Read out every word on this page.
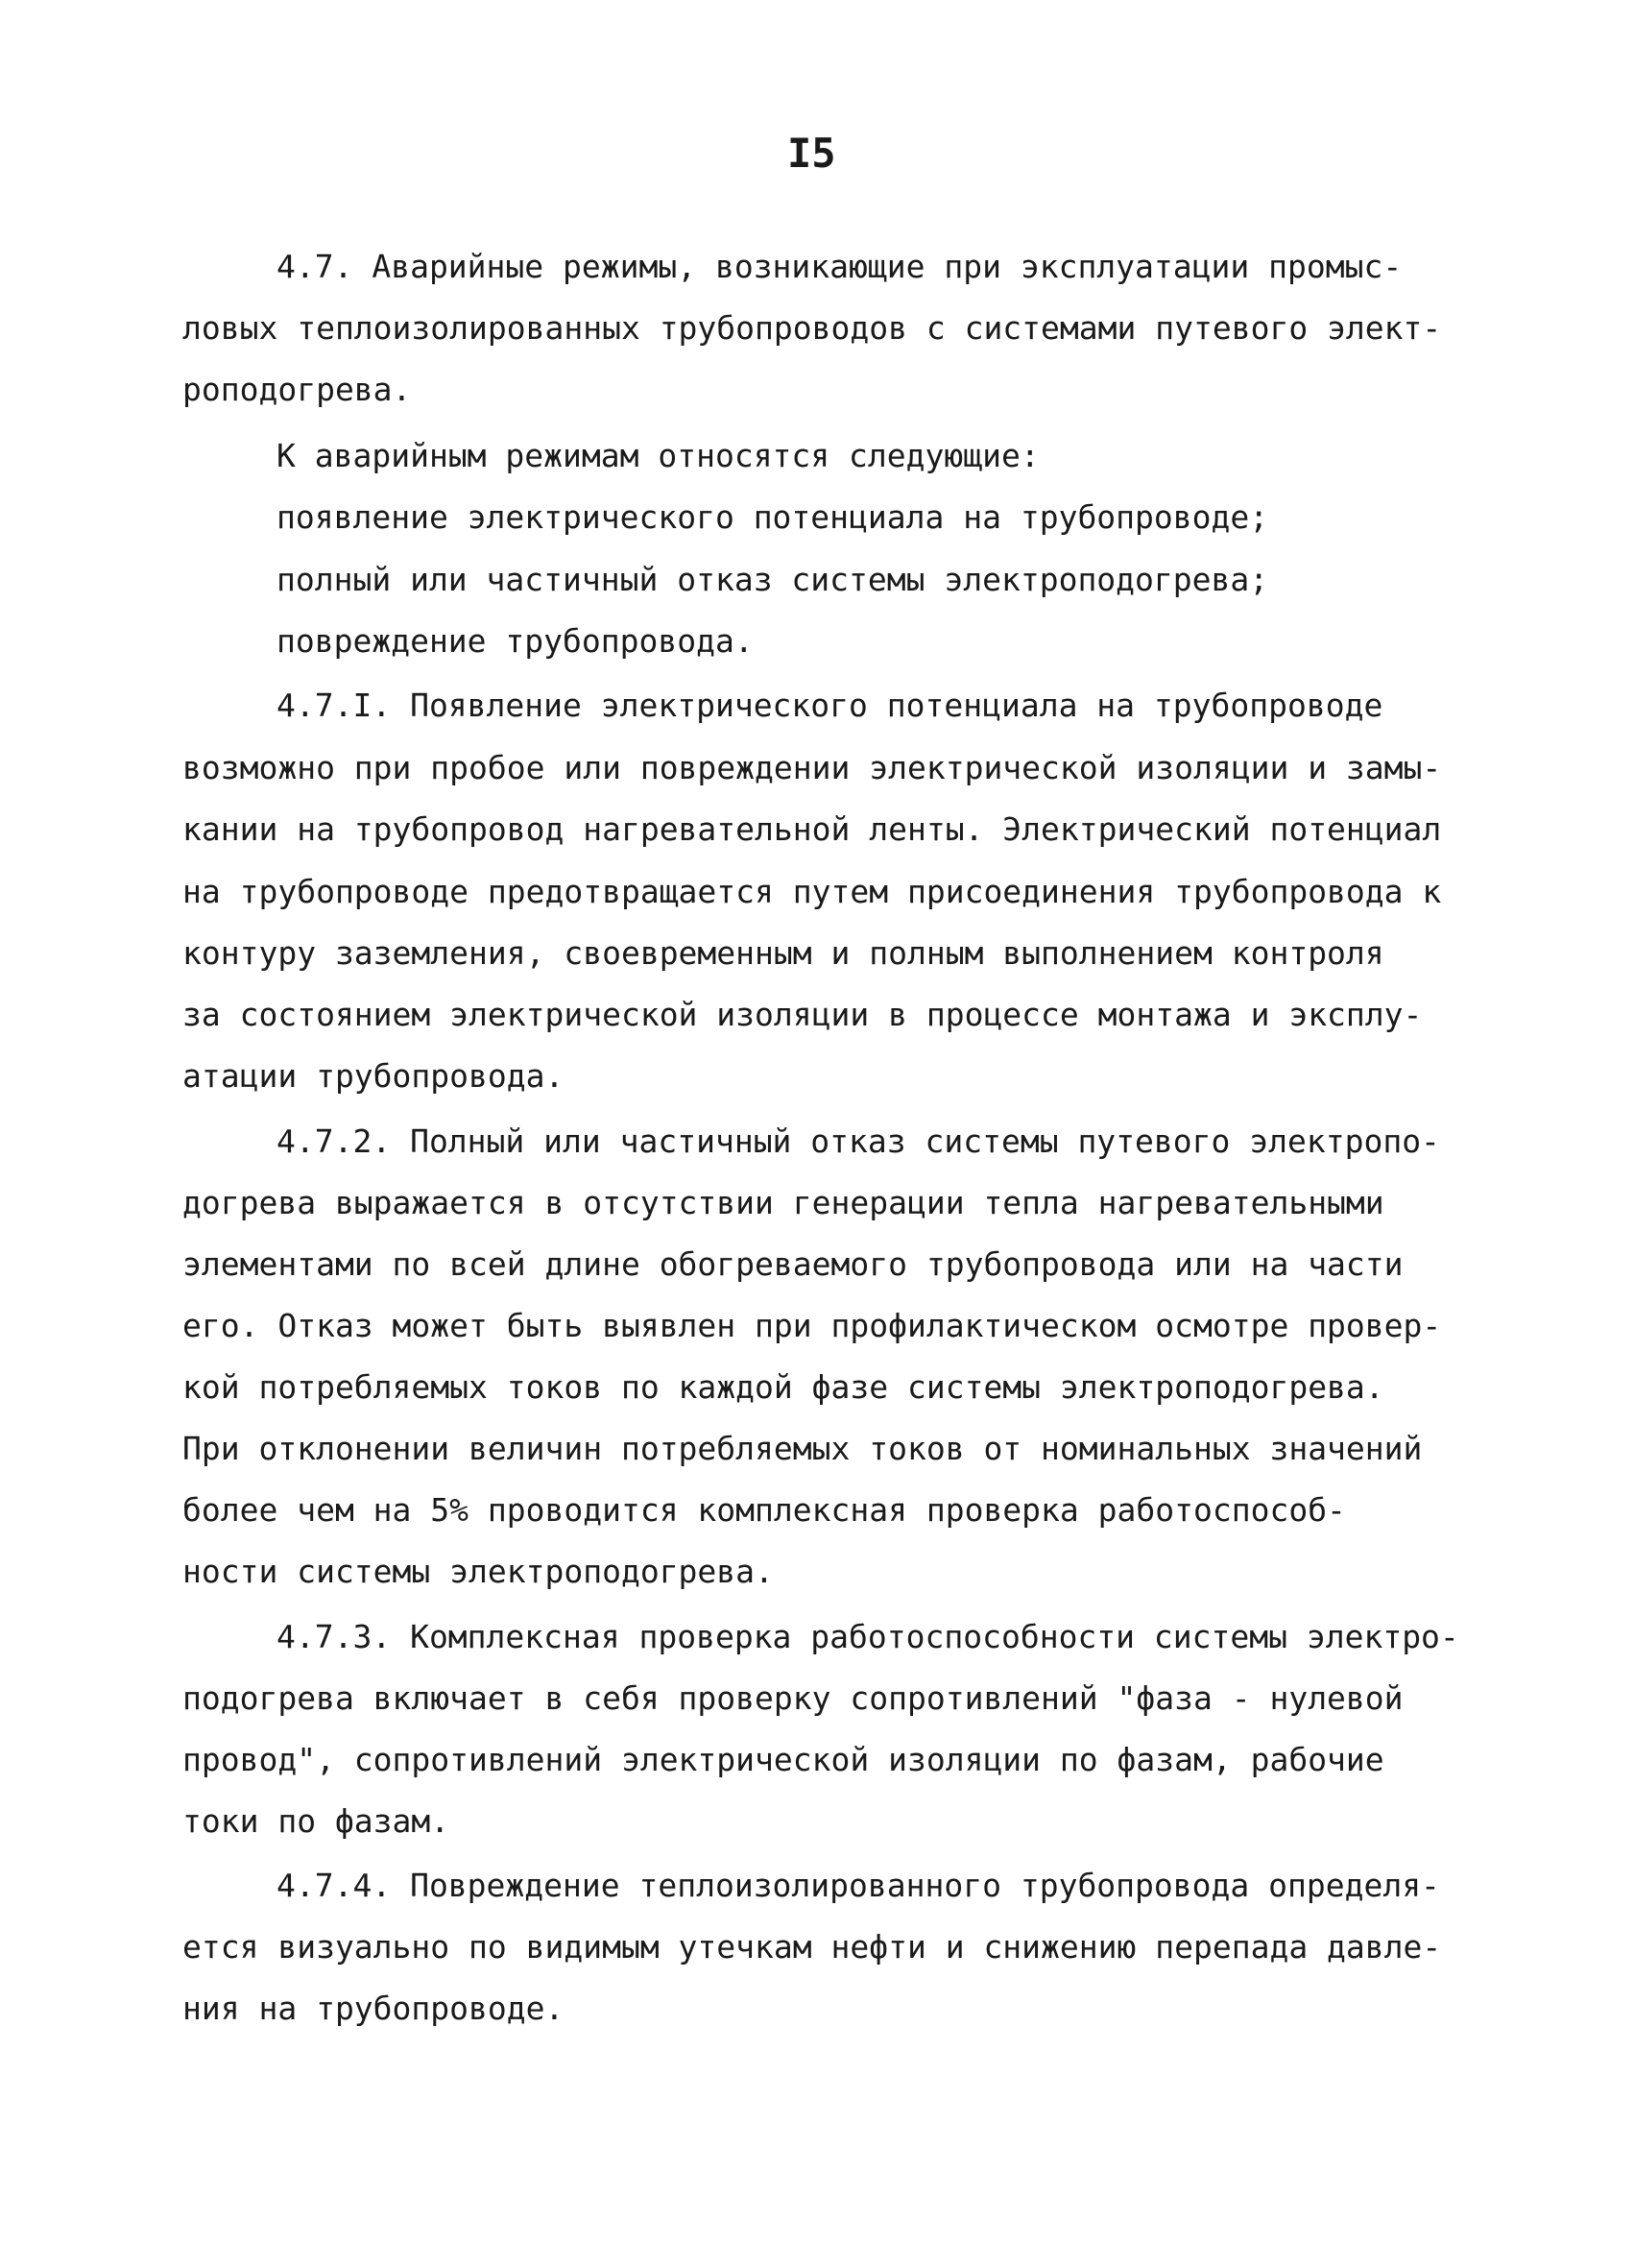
I5
4.7. Аварийные режимы, возникающие при эксплуатации промыс-
ловых теплоизолированных трубопроводов с системами путевого элект-
роподогрева.
К аварийным режимам относятся следующие:
появление электрического потенциала на трубопроводе;
полный или частичный отказ системы электроподогрева;
повреждение трубопровода.
4.7.I. Появление электрического потенциала на трубопроводе
возможно при пробое или повреждении электрической изоляции и замы-
кании на трубопровод нагревательной ленты. Электрический потенциал
на трубопроводе предотвращается путем присоединения трубопровода к
контуру заземления, своевременным и полным выполнением контроля
за состоянием электрической изоляции в процессе монтажа и эксплу-
атации трубопровода.
4.7.2. Полный или частичный отказ системы путевого электропо-
догрева выражается в отсутствии генерации тепла нагревательными
элементами по всей длине обогреваемого трубопровода или на части
его. Отказ может быть выявлен при профилактическом осмотре провер-
кой потребляемых токов по каждой фазе системы электроподогрева.
При отклонении величин потребляемых токов от номинальных значений
более чем на 5% проводится комплексная проверка работоспособ-
ности системы электроподогрева.
4.7.3. Комплексная проверка работоспособности системы электро-
подогрева включает в себя проверку сопротивлений "фаза - нулевой
провод", сопротивлений электрической изоляции по фазам, рабочие
токи по фазам.
4.7.4. Повреждение теплоизолированного трубопровода определя-
ется визуально по видимым утечкам нефти и снижению перепада давле-
ния на трубопроводе.
